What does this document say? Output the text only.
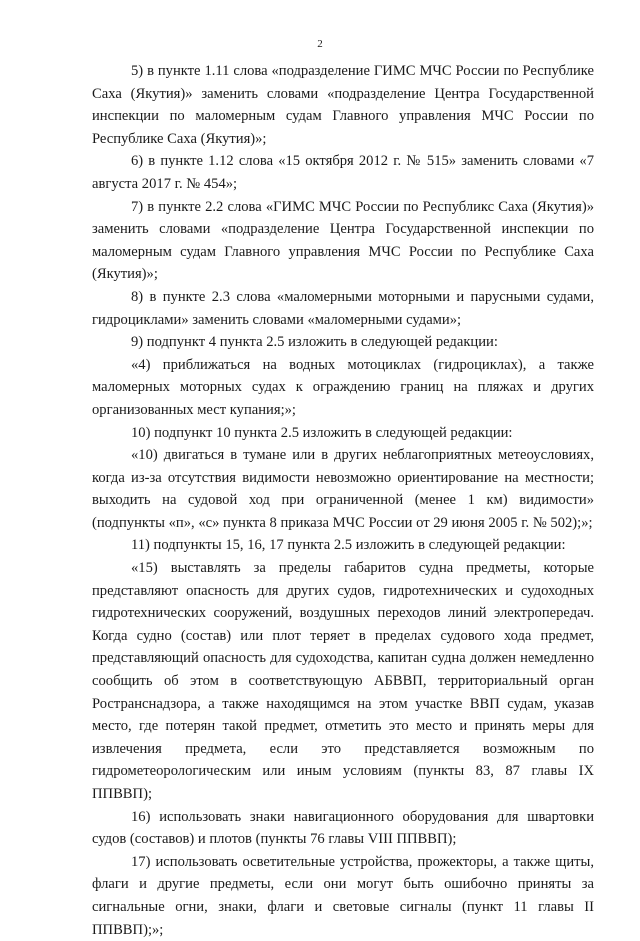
2

5) в пункте 1.11 слова «подразделение ГИМС МЧС России по Республике Саха (Якутия)» заменить словами «подразделение Центра Государственной инспекции по маломерным судам Главного управления МЧС России по Республике Саха (Якутия)»;

6) в пункте 1.12 слова «15 октября 2012 г. № 515» заменить словами «7 августа 2017 г. № 454»;

7) в пункте 2.2 слова «ГИМС МЧС России по Республикс Саха (Якутия)» заменить словами «подразделение Центра Государственной инспекции по маломерным судам Главного управления МЧС России по Республике Саха (Якутия)»;

8) в пункте 2.3 слова «маломерными моторными и парусными судами, гидроциклами» заменить словами «маломерными судами»;

9) подпункт 4 пункта 2.5 изложить в следующей редакции:

«4) приближаться на водных мотоциклах (гидроциклах), а также маломерных моторных судах к ограждению границ на пляжах и других организованных мест купания;»;

10) подпункт 10 пункта 2.5 изложить в следующей редакции:

«10) двигаться в тумане или в других неблагоприятных метеоусловиях, когда из-за отсутствия видимости невозможно ориентирование на местности; выходить на судовой ход при ограниченной (менее 1 км) видимости» (подпункты «п», «с» пункта 8 приказа МЧС России от 29 июня 2005 г. № 502);»;

11) подпункты 15, 16, 17 пункта 2.5 изложить в следующей редакции:

«15) выставлять за пределы габаритов судна предметы, которые представляют опасность для других судов, гидротехнических и судоходных гидротехнических сооружений, воздушных переходов линий электропередач. Когда судно (состав) или плот теряет в пределах судового хода предмет, представляющий опасность для судоходства, капитан судна должен немедленно сообщить об этом в соответствующую АБВВП, территориальный орган Ространснадзора, а также находящимся на этом участке ВВП судам, указав место, где потерян такой предмет, отметить это место и принять меры для извлечения предмета, если это представляется возможным по гидрометеорологическим или иным условиям (пункты 83, 87 главы IX ППВВП);

16) использовать знаки навигационного оборудования для швартовки судов (составов) и плотов (пункты 76 главы VIII ППВВП);

17) использовать осветительные устройства, прожекторы, а также щиты, флаги и другие предметы, если они могут быть ошибочно приняты за сигнальные огни, знаки, флаги и световые сигналы (пункт 11 главы II ППВВП);»;
